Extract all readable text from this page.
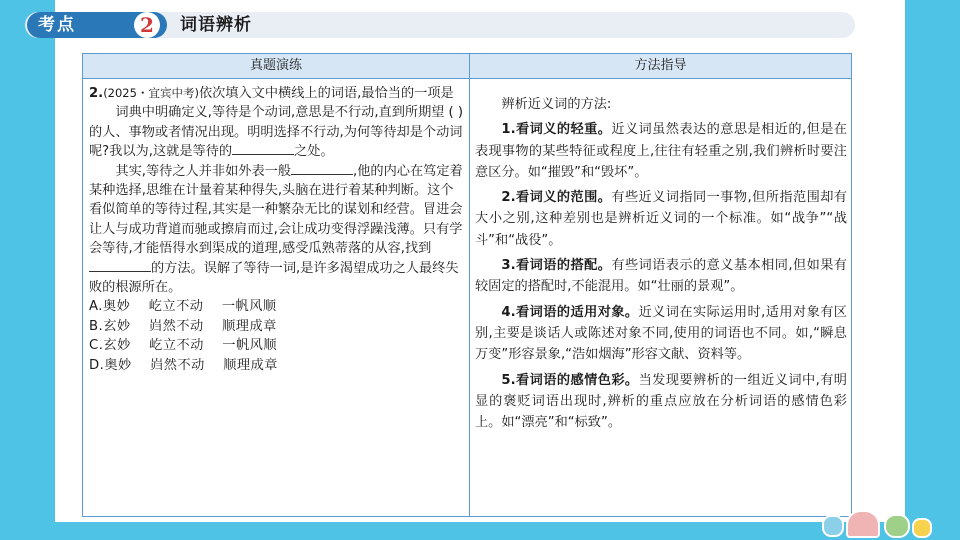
考点	2	词语辨析
真题演练	方法指导

2.(2025・宜宾中考)依次填入文中横线上的词语,最恰当的一项是
( )

词典中明确定义,等待是个动词,意思是不行动,直到所期望的人、事物或者情况出现。明明选择不行动,为何等待却是个动词呢?我以为,这就是等待的	之处。

其实,等待之人并非如外表一般	,他的内心在笃定着某种选择,思维在计量着某种得失,头脑在进行着某种判断。这个看似简单的等待过程,其实是一种繁杂无比的谋划和经营。冒进会让人与成功背道而驰或擦肩而过,会让成功变得浮躁浅薄。只有学会等待,才能悟得水到渠成的道理,感受瓜熟蒂落的从容,找到的方法。误解了等待一词,是许多渴望成功之人最终失败的根源所在。

A.奥妙　 屹立不动　 一帆风顺

B.玄妙　 岿然不动　 顺理成章

C.玄妙　 屹立不动　 一帆风顺

D.奥妙　 岿然不动　 顺理成章

辨析近义词的方法:

1.看词义的轻重。近义词虽然表达的意思是相近的,但是在表现事物的某些特征或程度上,往往有轻重之别,我们辨析时要注意区分。如“摧毁”和“毁坏”。

2.看词义的范围。有些近义词指同一事物,但所指范围却有大小之别,这种差别也是辨析近义词的一个标准。如“战争”“战斗”和“战役”。

3.看词语的搭配。有些词语表示的意义基本相同,但如果有较固定的搭配时,不能混用。如“壮丽的景观”。

4.看词语的适用对象。近义词在实际运用时,适用对象有区别,主要是谈话人或陈述对象不同,使用的词语也不同。如,“瞬息万变”形容景象,“浩如烟海”形容文献、资料等。

5.看词语的感情色彩。当发现要辨析的一组近义词中,有明显的褒贬词语出现时,辨析的重点应放在分析词语的感情色彩上。如“漂亮”和“标致”。
